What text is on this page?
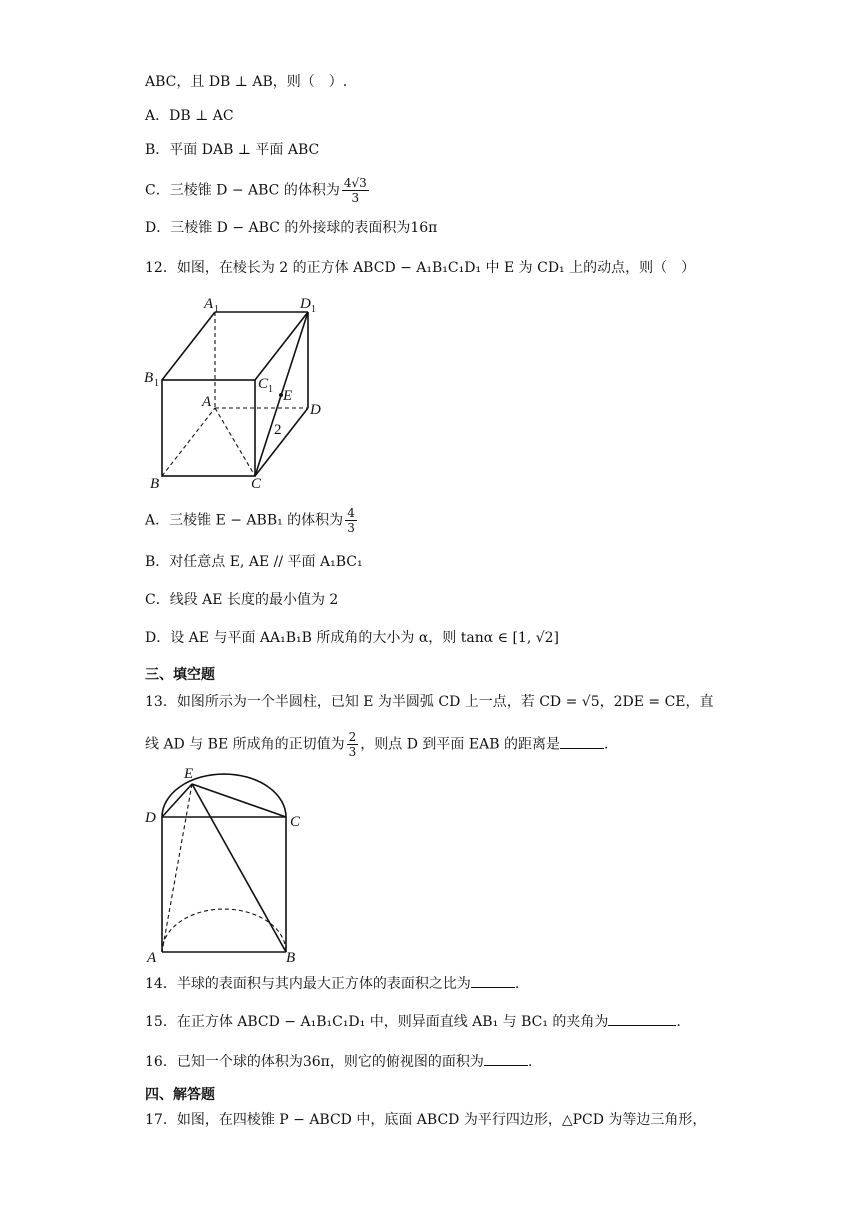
ABC，且 DB ⊥ AB，则（　）.
A．DB ⊥ AC
B．平面 DAB ⊥ 平面 ABC
C．三棱锥 D − ABC 的体积为 $\frac{4√3}{3}$
D．三棱锥 D − ABC 的外接球的表面积为16π
12．如图，在棱长为 2 的正方体 ABCD − A₁B₁C₁D₁ 中 E 为 CD₁ 上的动点，则（　）
A 1	D 1
B 1	C 1
A	E
D
2
B	C
A．三棱锥 E − ABB₁ 的体积为 $\frac{4}{3}$
B．对任意点 E, AE // 平面 A₁BC₁
C．线段 AE 长度的最小值为 2
D．设 AE 与平面 AA₁B₁B 所成角的大小为 α，则 tanα ∈ [1, √2]
三、填空题
13．如图所示为一个半圆柱，已知 E 为半圆弧 CD 上一点，若 CD = √5，2DE = CE，直
线 AD 与 BE 所成角的正切值为 $\frac{2}{3}$ ，则点 D 到平面 EAB 的距离是	.
E
D	C
A	B
14．半球的表面积与其内最大正方体的表面积之比为	.
15．在正方体 ABCD − A₁B₁C₁D₁ 中，则异面直线 AB₁ 与 BC₁ 的夹角为	.
16．已知一个球的体积为36π，则它的俯视图的面积为	.
四、解答题
17．如图，在四棱锥 P − ABCD 中，底面 ABCD 为平行四边形，△PCD 为等边三角形，
